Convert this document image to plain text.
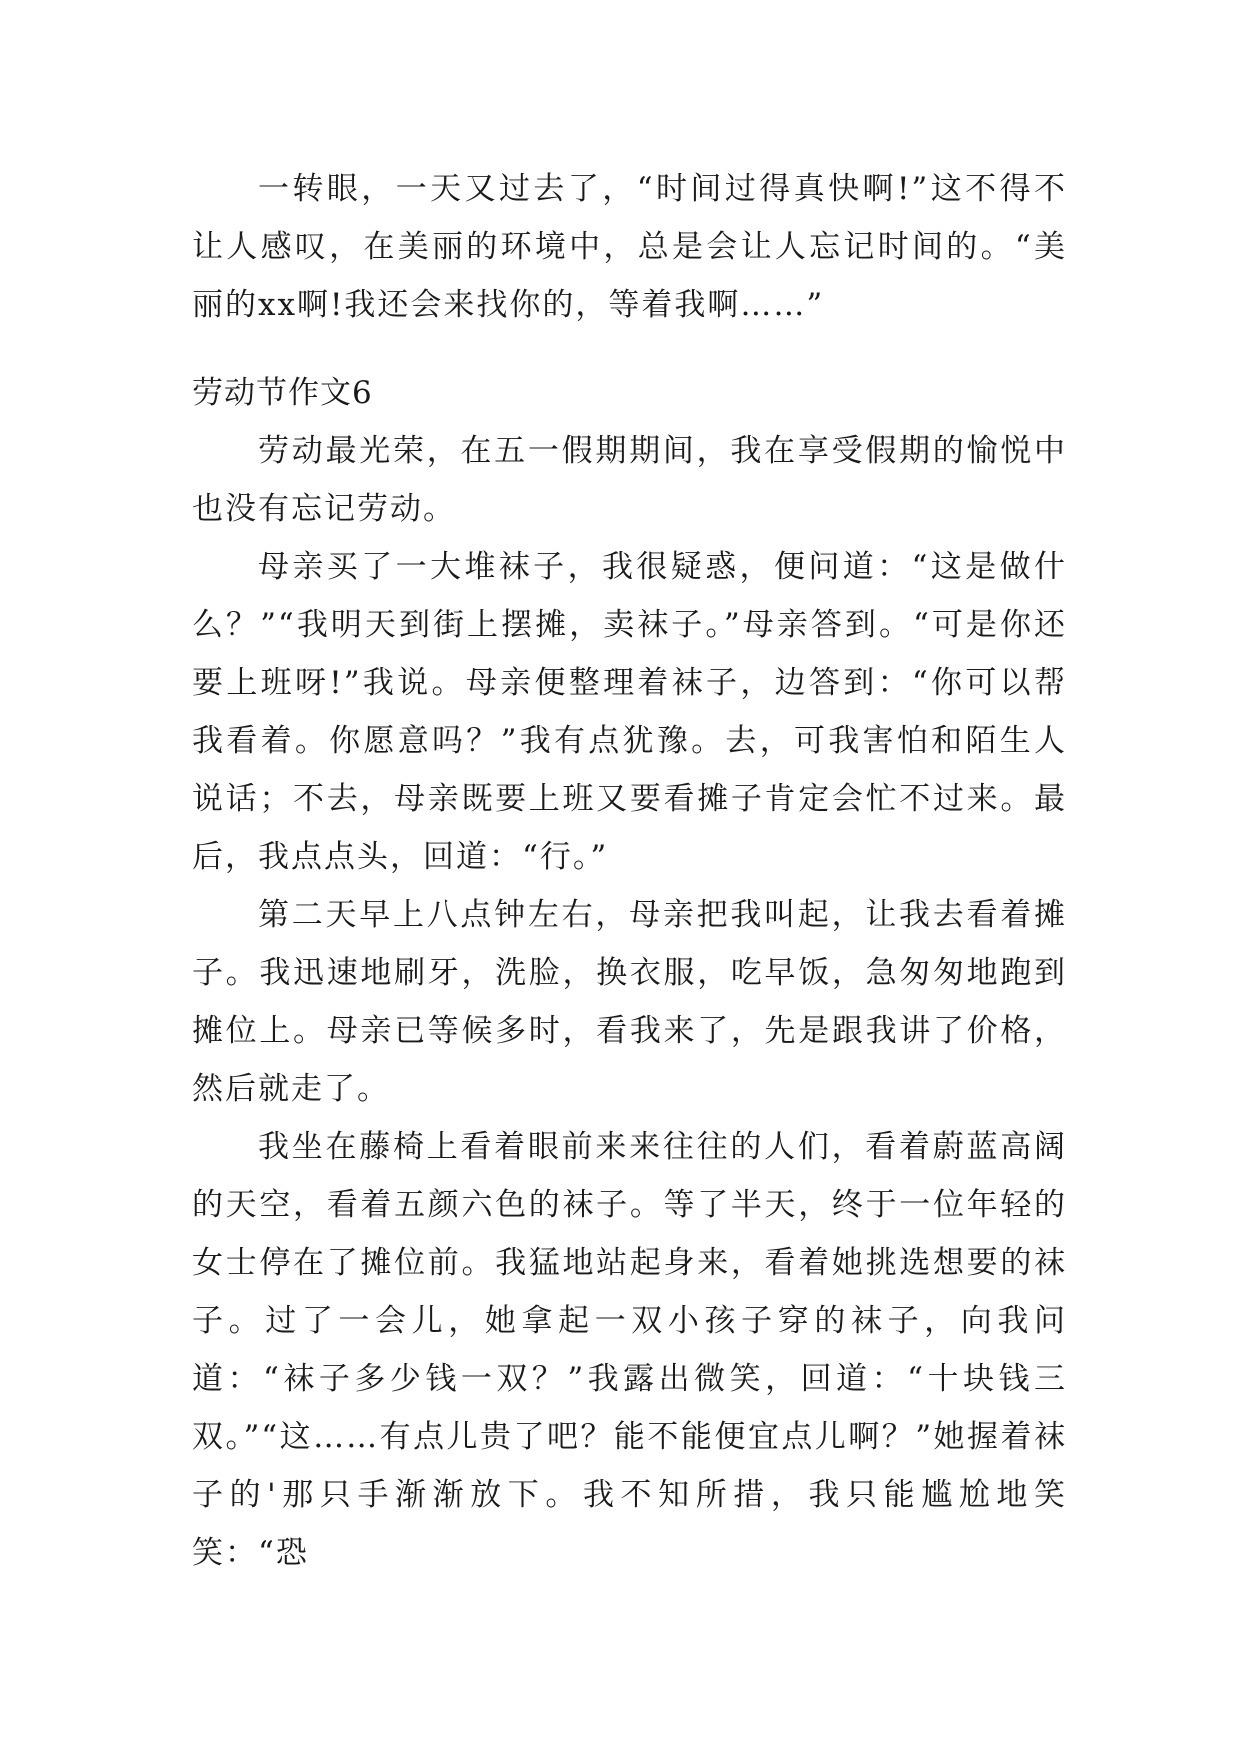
一转眼，一天又过去了，“时间过得真快啊!”这不得不让人感叹，在美丽的环境中，总是会让人忘记时间的。“美丽的xx啊!我还会来找你的，等着我啊……”

劳动节作文6

劳动最光荣，在五一假期期间，我在享受假期的愉悦中也没有忘记劳动。

母亲买了一大堆袜子，我很疑惑，便问道：“这是做什么？”“我明天到街上摆摊，卖袜子。”母亲答到。“可是你还要上班呀!”我说。母亲便整理着袜子，边答到：“你可以帮我看着。你愿意吗？”我有点犹豫。去，可我害怕和陌生人说话；不去，母亲既要上班又要看摊子肯定会忙不过来。最后，我点点头，回道：“行。”

第二天早上八点钟左右，母亲把我叫起，让我去看着摊子。我迅速地刷牙，洗脸，换衣服，吃早饭，急匆匆地跑到摊位上。母亲已等候多时，看我来了，先是跟我讲了价格，然后就走了。

我坐在藤椅上看着眼前来来往往的人们，看着蔚蓝高阔的天空，看着五颜六色的袜子。等了半天，终于一位年轻的女士停在了摊位前。我猛地站起身来，看着她挑选想要的袜子。过了一会儿，她拿起一双小孩子穿的袜子，向我问道：“袜子多少钱一双？”我露出微笑，回道：“十块钱三双。”“这……有点儿贵了吧？能不能便宜点儿啊？”她握着袜子的'那只手渐渐放下。我不知所措，我只能尴尬地笑笑：“恐
